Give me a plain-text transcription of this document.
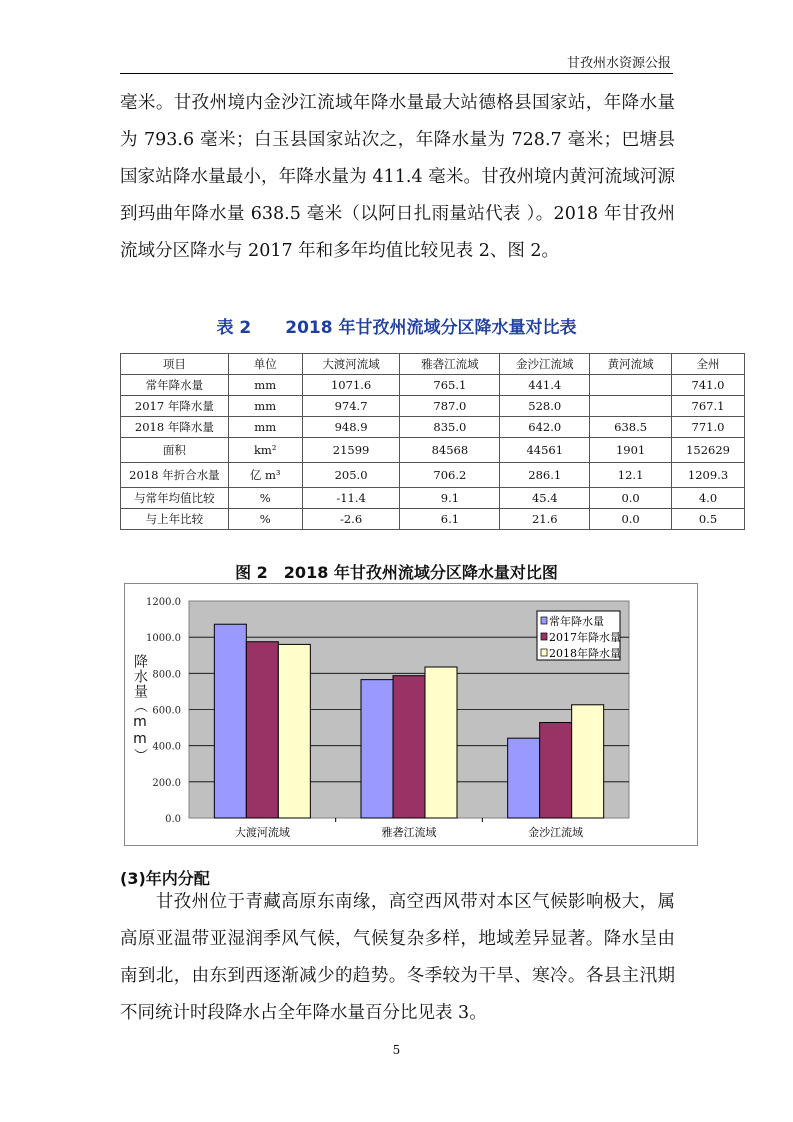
甘孜州水资源公报
毫米。甘孜州境内金沙江流域年降水量最大站德格县国家站，年降水量为 793.6 毫米；白玉县国家站次之，年降水量为 728.7 毫米；巴塘县国家站降水量最小，年降水量为 411.4 毫米。甘孜州境内黄河流域河源到玛曲年降水量 638.5 毫米（以阿日扎雨量站代表 ）。2018 年甘孜州流域分区降水与 2017 年和多年均值比较见表 2、图 2。
表 2　　2018 年甘孜州流域分区降水量对比表
项目	单位	大渡河流域	雅砻江流域	金沙江流域	黄河流域	全州
常年降水量	mm	1071.6	765.1	441.4		741.0
2017 年降水量	mm	974.7	787.0	528.0		767.1
2018 年降水量	mm	948.9	835.0	642.0	638.5	771.0
面积	km²	21599	84568	44561	1901	152629
2018 年折合水量	亿 m³	205.0	706.2	286.1	12.1	1209.3
与常年均值比较	%	-11.4	9.1	45.4	0.0	4.0
与上年比较	%	-2.6	6.1	21.6	0.0	0.5
图 2　2018 年甘孜州流域分区降水量对比图
0.0
200.0
400.0
600.0
800.0
1000.0
1200.0
大渡河流域	雅砻江流域	金沙江流域
常年降水量
2017年降水量
2018年降水量
降水量（mm）
(3)年内分配
　　甘孜州位于青藏高原东南缘，高空西风带对本区气候影响极大，属高原亚温带亚湿润季风气候，气候复杂多样，地域差异显著。降水呈由南到北，由东到西逐渐减少的趋势。冬季较为干旱、寒冷。各县主汛期不同统计时段降水占全年降水量百分比见表 3。
5
